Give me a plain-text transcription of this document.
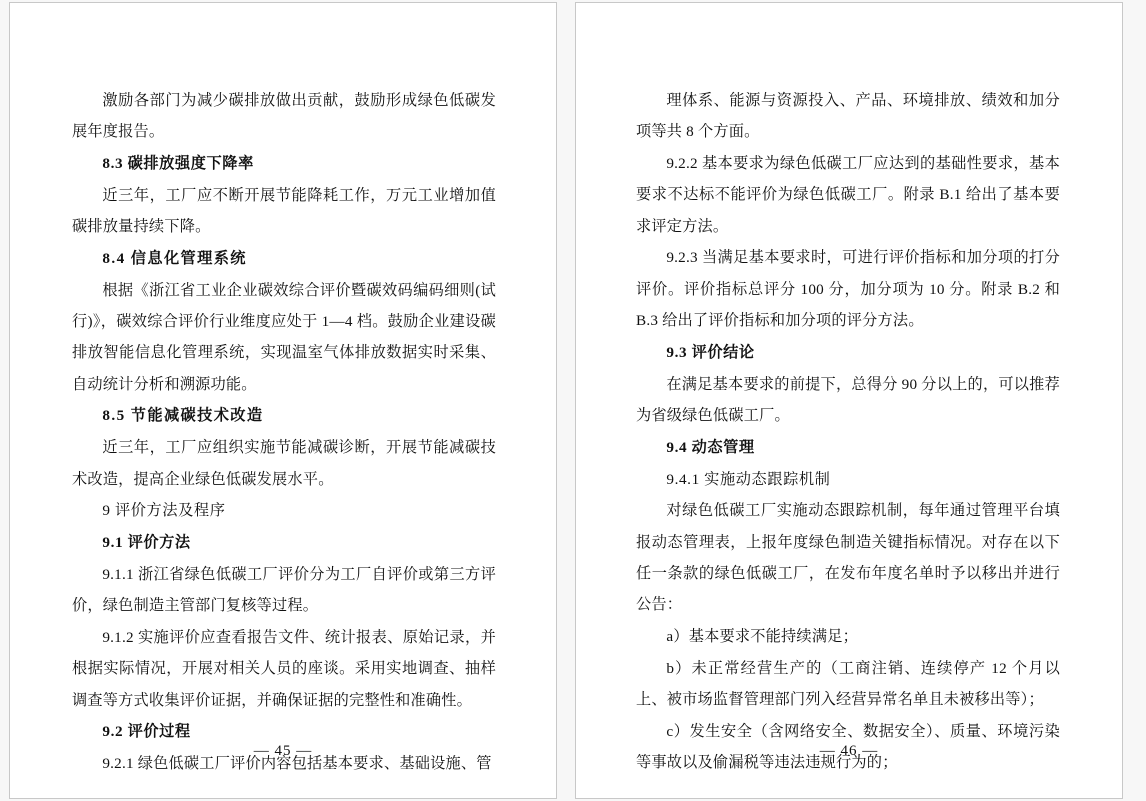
激励各部门为减少碳排放做出贡献，鼓励形成绿色低碳发展年度报告。

8.3 碳排放强度下降率

近三年，工厂应不断开展节能降耗工作，万元工业增加值碳排放量持续下降。

8.4 信息化管理系统

根据《浙江省工业企业碳效综合评价暨碳效码编码细则(试行)》，碳效综合评价行业维度应处于 1—4 档。鼓励企业建设碳排放智能信息化管理系统，实现温室气体排放数据实时采集、自动统计分析和溯源功能。

8.5 节能减碳技术改造

近三年，工厂应组织实施节能减碳诊断，开展节能减碳技术改造，提高企业绿色低碳发展水平。

9 评价方法及程序

9.1 评价方法

9.1.1 浙江省绿色低碳工厂评价分为工厂自评价或第三方评价，绿色制造主管部门复核等过程。

9.1.2 实施评价应查看报告文件、统计报表、原始记录，并根据实际情况，开展对相关人员的座谈。采用实地调查、抽样调查等方式收集评价证据，并确保证据的完整性和准确性。

9.2 评价过程

9.2.1 绿色低碳工厂评价内容包括基本要求、基础设施、管

— 45 —

理体系、能源与资源投入、产品、环境排放、绩效和加分项等共 8 个方面。

9.2.2 基本要求为绿色低碳工厂应达到的基础性要求，基本要求不达标不能评价为绿色低碳工厂。附录 B.1 给出了基本要求评定方法。

9.2.3 当满足基本要求时，可进行评价指标和加分项的打分评价。评价指标总评分 100 分，加分项为 10 分。附录 B.2 和 B.3 给出了评价指标和加分项的评分方法。

9.3 评价结论

在满足基本要求的前提下，总得分 90 分以上的，可以推荐为省级绿色低碳工厂。

9.4 动态管理

9.4.1 实施动态跟踪机制

对绿色低碳工厂实施动态跟踪机制，每年通过管理平台填报动态管理表，上报年度绿色制造关键指标情况。对存在以下任一条款的绿色低碳工厂，在发布年度名单时予以移出并进行公告：

a）基本要求不能持续满足；

b）未正常经营生产的（工商注销、连续停产 12 个月以上、被市场监督管理部门列入经营异常名单且未被移出等）；

c）发生安全（含网络安全、数据安全）、质量、环境污染等事故以及偷漏税等违法违规行为的；

— 46 —
